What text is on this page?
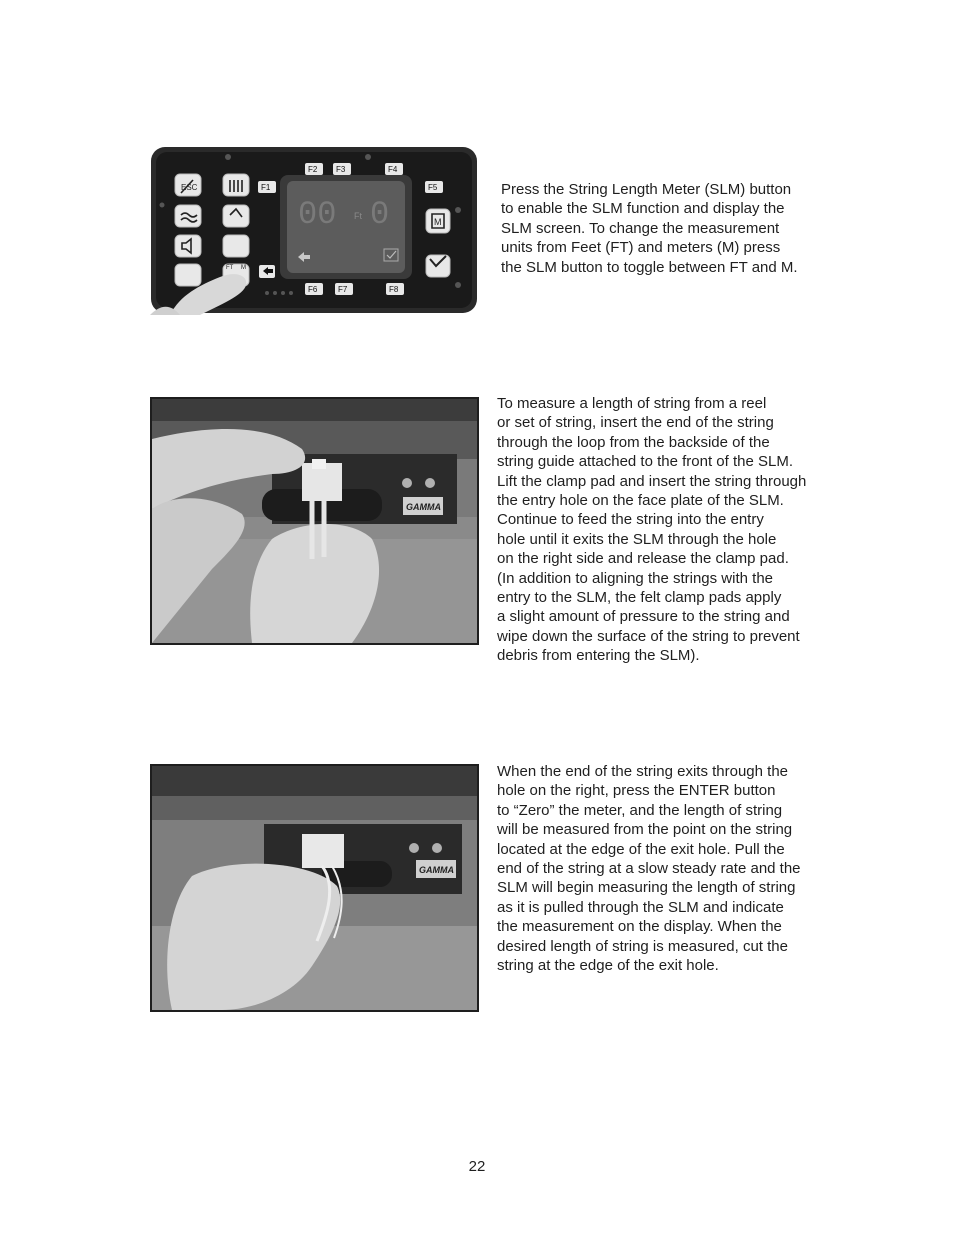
ESC
FT M
M
F1
F2 F3	F4
F5
F6	F7	F8
00 Ft 0
Press the String Length Meter (SLM) button
to enable the SLM function and display the
SLM screen. To change the measurement
units from Feet (FT) and meters (M) press
the SLM button to toggle between FT and M.
GAMMA
To measure a length of string from a reel
or set of string, insert the end of the string
through the loop from the backside of the
string guide attached to the front of the SLM.
Lift the clamp pad and insert the string through
the entry hole on the face plate of the SLM.
Continue to feed the string into the entry
hole until it exits the SLM through the hole
on the right side and release the clamp pad.
(In addition to aligning the strings with the
entry to the SLM, the felt clamp pads apply
a slight amount of pressure to the string and
wipe down the surface of the string to prevent
debris from entering the SLM).
GAMMA
When the end of the string exits through the
hole on the right, press the ENTER button
to “Zero” the meter, and the length of string
will be measured from the point on the string
located at the edge of the exit hole. Pull the
end of the string at a slow steady rate and the
SLM will begin measuring the length of string
as it is pulled through the SLM and indicate
the measurement on the display. When the
desired length of string is measured, cut the
string at the edge of the exit hole.
22
